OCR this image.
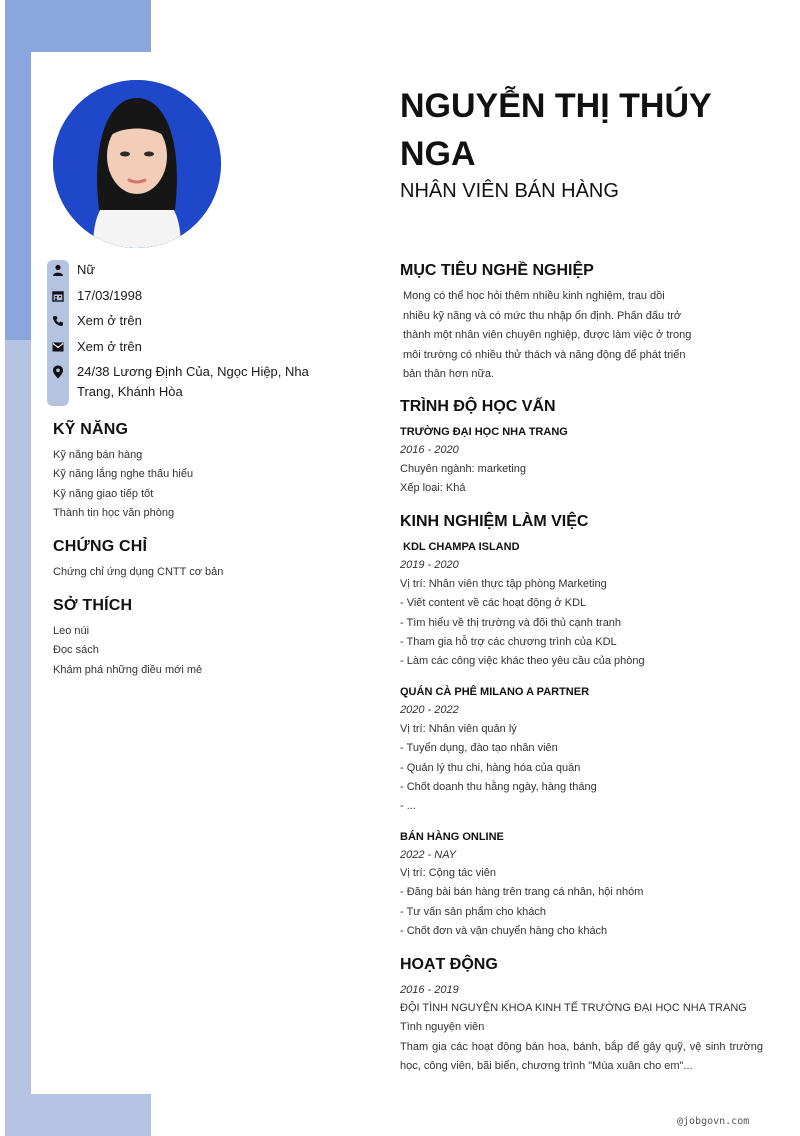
Nữ
17/03/1998
Xem ở trên
Xem ở trên
24/38 Lương Định Của, Ngọc Hiệp, Nha Trang, Khánh Hòa
KỸ NĂNG
Kỹ năng bán hàng
Kỹ năng lắng nghe thấu hiểu
Kỹ năng giao tiếp tốt
Thành tin học văn phòng
CHỨNG CHỈ
Chứng chỉ ứng dụng CNTT cơ bản
SỞ THÍCH
Leo núi
Đọc sách
Khám phá những điều mới mẻ
NGUYỄN THỊ THÚY NGA
NHÂN VIÊN BÁN HÀNG
MỤC TIÊU NGHỀ NGHIỆP
Mong có thể học hỏi thêm nhiều kinh nghiệm, trau dồi nhiều kỹ năng và có mức thu nhập ổn định. Phấn đấu trở thành một nhân viên chuyên nghiệp, được làm việc ở trong môi trường có nhiều thử thách và năng động để phát triển bản thân hơn nữa.
TRÌNH ĐỘ HỌC VẤN
TRƯỜNG ĐẠI HỌC NHA TRANG
2016 - 2020
Chuyên ngành: marketing
Xếp loại: Khá
KINH NGHIỆM LÀM VIỆC
KDL CHAMPA ISLAND
2019 - 2020
Vị trí: Nhân viên thực tập phòng Marketing
- Viết content về các hoạt động ở KDL
- Tìm hiểu về thị trường và đối thủ cạnh tranh
- Tham gia hỗ trợ các chương trình của KDL
- Làm các công việc khác theo yêu cầu của phòng
QUÁN CÀ PHÊ MILANO A PARTNER
2020 - 2022
Vị trí: Nhân viên quản lý
- Tuyển dụng, đào tạo nhân viên
- Quản lý thu chi, hàng hóa của quán
- Chốt doanh thu hằng ngày, hàng tháng
- ...
BÁN HÀNG ONLINE
2022 - NAY
Vị trí: Cộng tác viên
- Đăng bài bán hàng trên trang cá nhân, hội nhóm
- Tư vấn sản phẩm cho khách
- Chốt đơn và vận chuyển hàng cho khách
HOẠT ĐỘNG
2016 - 2019
ĐỘI TÌNH NGUYỆN KHOA KINH TẾ TRƯỜNG ĐẠI HỌC NHA TRANG
Tình nguyện viên
Tham gia các hoạt động bán hoa, bánh, bắp để gây quỹ, vệ sinh trường học, công viên, bãi biển, chương trình "Mùa xuân cho em"...
@jobgovn.com
